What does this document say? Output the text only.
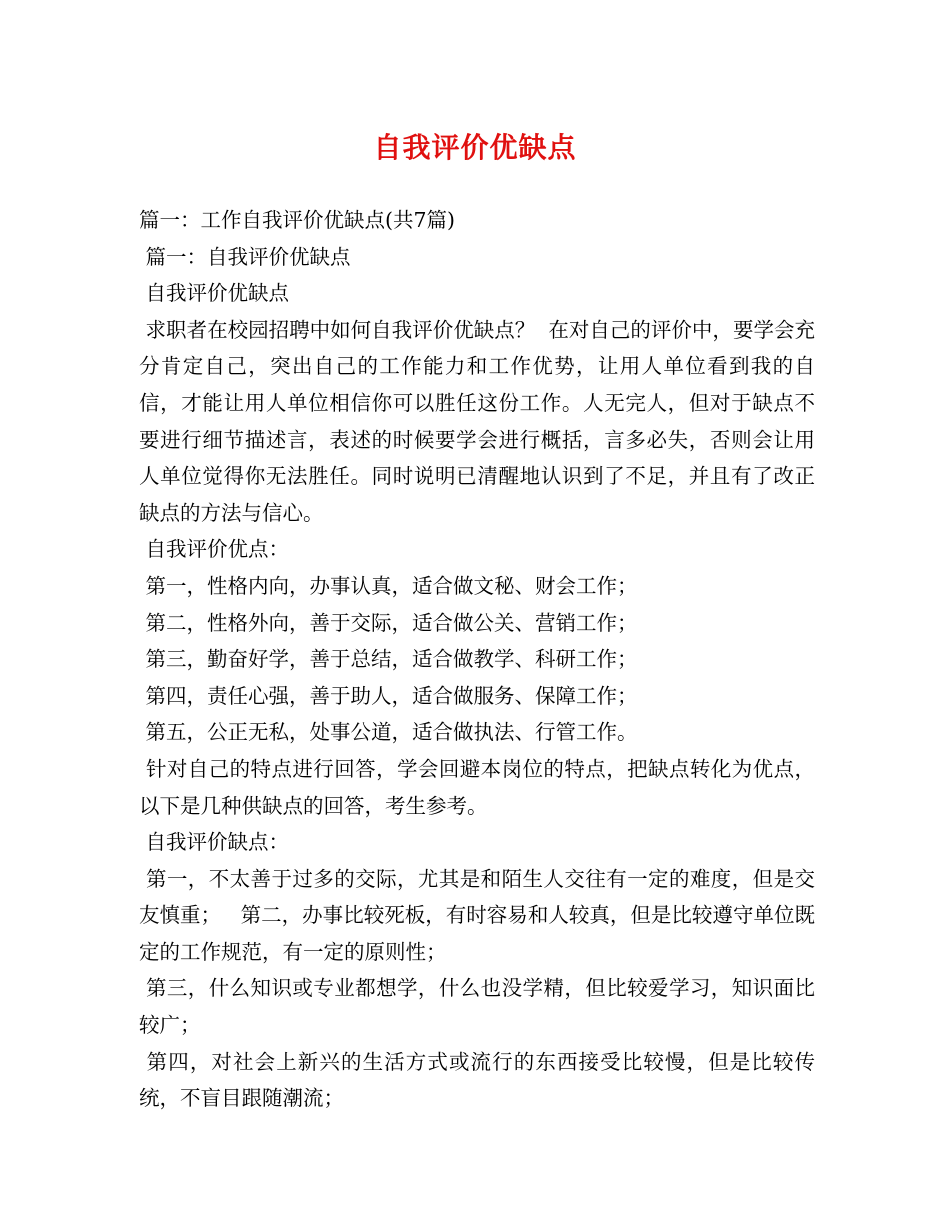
自我评价优缺点

篇一：工作自我评价优缺点(共7篇)

篇一：自我评价优缺点

自我评价优缺点

求职者在校园招聘中如何自我评价优缺点？  在对自己的评价中，要学会充分肯定自己，突出自己的工作能力和工作优势，让用人单位看到我的自信，才能让用人单位相信你可以胜任这份工作。人无完人，但对于缺点不要进行细节描述言，表述的时候要学会进行概括，言多必失，否则会让用人单位觉得你无法胜任。同时说明已清醒地认识到了不足，并且有了改正缺点的方法与信心。

自我评价优点：

第一，性格内向，办事认真，适合做文秘、财会工作；

第二，性格外向，善于交际，适合做公关、营销工作；

第三，勤奋好学，善于总结，适合做教学、科研工作；

第四，责任心强，善于助人，适合做服务、保障工作；

第五，公正无私，处事公道，适合做执法、行管工作。

针对自己的特点进行回答，学会回避本岗位的特点，把缺点转化为优点，以下是几种供缺点的回答，考生参考。

自我评价缺点：

第一，不太善于过多的交际，尤其是和陌生人交往有一定的难度，但是交友慎重；   第二，办事比较死板，有时容易和人较真，但是比较遵守单位既定的工作规范，有一定的原则性；

第三，什么知识或专业都想学，什么也没学精，但比较爱学习，知识面比较广；

第四，对社会上新兴的生活方式或流行的东西接受比较慢，但是比较传统，不盲目跟随潮流；
